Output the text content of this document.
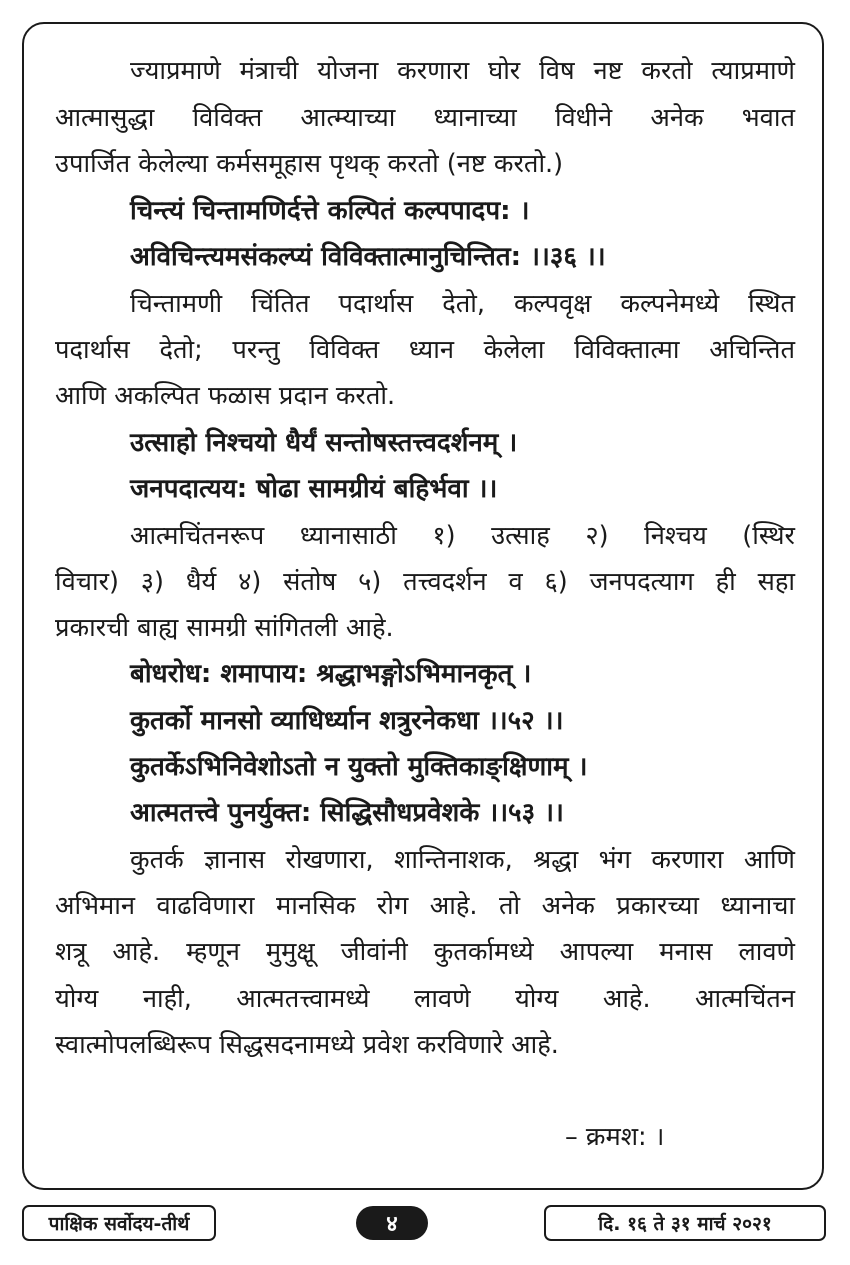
ज्याप्रमाणे मंत्राची योजना करणारा घोर विष नष्ट करतो त्याप्रमाणे
आत्मासुद्धा विविक्त आत्म्याच्या ध्यानाच्या विधीने अनेक भवात
उपार्जित केलेल्या कर्मसमूहास पृथक् करतो (नष्ट करतो.)
चिन्त्यं चिन्तामणिर्दत्ते कल्पितं कल्पपादप: ।
अविचिन्त्यमसंकल्प्यं विविक्तात्मानुचिन्तित: ।।३६ ।।
चिन्तामणी चिंतित पदार्थास देतो, कल्पवृक्ष कल्पनेमध्ये स्थित
पदार्थास देतो; परन्तु विविक्त ध्यान केलेला विविक्तात्मा अचिन्तित
आणि अकल्पित फळास प्रदान करतो.
उत्साहो निश्चयो धैर्यं सन्तोषस्तत्त्वदर्शनम् ।
जनपदात्यय: षोढा सामग्रीयं बहिर्भवा ।।
आत्मचिंतनरूप ध्यानासाठी १) उत्साह २) निश्चय (स्थिर
विचार) ३) धैर्य ४) संतोष ५) तत्त्वदर्शन व ६) जनपदत्याग ही सहा
प्रकारची बाह्य सामग्री सांगितली आहे.
बोधरोध: शमापाय: श्रद्धाभङ्गोऽभिमानकृत् ।
कुतर्को मानसो व्याधिर्ध्यान शत्रुरनेकधा ।।५२ ।।
कुतर्केऽभिनिवेशोऽतो न युक्तो मुक्तिकाङ्क्षिणाम् ।
आत्मतत्त्वे पुनर्युक्त: सिद्धिसौधप्रवेशके ।।५३ ।।
कुतर्क ज्ञानास रोखणारा, शान्तिनाशक, श्रद्धा भंग करणारा आणि
अभिमान वाढविणारा मानसिक रोग आहे. तो अनेक प्रकारच्या ध्यानाचा
शत्रू आहे. म्हणून मुमुक्षू जीवांनी कुतर्कामध्ये आपल्या मनास लावणे
योग्य नाही, आत्मतत्त्वामध्ये लावणे योग्य आहे. आत्मचिंतन
स्वात्मोपलब्धिरूप सिद्धसदनामध्ये प्रवेश करविणारे आहे.
– क्रमश: ।
पाक्षिक सर्वोदय-तीर्थ	४	दि. १६ ते ३१ मार्च २०२१
